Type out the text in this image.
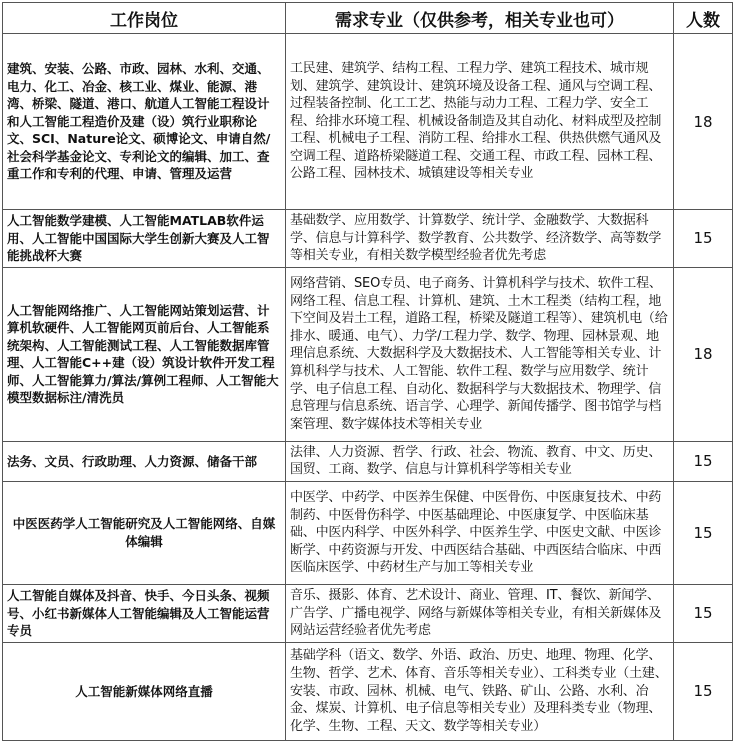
工作岗位	需求专业（仅供参考，相关专业也可）	人数
建筑、安装、公路、市政、园林、水利、交通、电力、化工、冶金、核工业、煤业、能源、港湾、桥梁、隧道、港口、航道人工智能工程设计和人工智能工程造价及建（设）筑行业职称论文、SCI、Nature论文、硕博论文、申请自然/社会科学基金论文、专利论文的编辑、加工、查重工作和专利的代理、申请、管理及运营	工民建、建筑学、结构工程、工程力学、建筑工程技术、城市规划、建筑学、建筑设计、建筑环境及设备工程、通风与空调工程、过程装备控制、化工工艺、热能与动力工程、工程力学、安全工程、给排水环境工程、机械设备制造及其自动化、材料成型及控制工程、机械电子工程、消防工程、给排水工程、供热供燃气通风及空调工程、道路桥梁隧道工程、交通工程、市政工程、园林工程、公路工程、园林技术、城镇建设等相关专业	18
人工智能数学建模、人工智能MATLAB软件运用、人工智能中国国际大学生创新大赛及人工智能挑战杯大赛	基础数学、应用数学、计算数学、统计学、金融数学、大数据科学、信息与计算科学、数学教育、公共数学、经济数学、高等数学等相关专业，有相关数学模型经验者优先考虑	15
人工智能网络推广、人工智能网站策划运营、计算机软硬件、人工智能网页前后台、人工智能系统架构、人工智能测试工程、人工智能数据库管理、人工智能C++建（设）筑设计软件开发工程师、人工智能算力/算法/算例工程师、人工智能大模型数据标注/清洗员	网络营销、SEO专员、电子商务、计算机科学与技术、软件工程、网络工程、信息工程、计算机、建筑、土木工程类（结构工程，地下空间及岩土工程，道路工程，桥梁及隧道工程等）、建筑机电（给排水、暖通、电气）、力学/工程力学、数学、物理、园林景观、地理信息系统、大数据科学及大数据技术、人工智能等相关专业、计算机科学与技术、人工智能、软件工程、数学与应用数学、统计学、电子信息工程、自动化、数据科学与大数据技术、物理学、信息管理与信息系统、语言学、心理学、新闻传播学、图书馆学与档案管理、数字媒体技术等相关专业	18
法务、文员、行政助理、人力资源、储备干部	法律、人力资源、哲学、行政、社会、物流、教育、中文、历史、国贸、工商、数学、信息与计算机科学等相关专业	15
中医医药学人工智能研究及人工智能网络、自媒体编辑	中医学、中药学、中医养生保健、中医骨伤、中医康复技术、中药制药、中医骨伤科学、中医基础理论、中医康复学、中医临床基础、中医内科学、中医外科学、中医养生学、中医史文献、中医诊断学、中药资源与开发、中西医结合基础、中西医结合临床、中西医临床医学、中药材生产与加工等相关专业	15
人工智能自媒体及抖音、快手、今日头条、视频号、小红书新媒体人工智能编辑及人工智能运营专员	音乐、摄影、体育、艺术设计、商业、管理、IT、餐饮、新闻学、广告学、广播电视学、网络与新媒体等相关专业，有相关新媒体及网站运营经验者优先考虑	15
人工智能新媒体网络直播	基础学科（语文、数学、外语、政治、历史、地理、物理、化学、生物、哲学、艺术、体育、音乐等相关专业）、工科类专业（土建、安装、市政、园林、机械、电气、铁路、矿山、公路、水利、冶金、煤炭、计算机、电子信息等相关专业）及理科类专业（物理、化学、生物、工程、天文、数学等相关专业）	15
